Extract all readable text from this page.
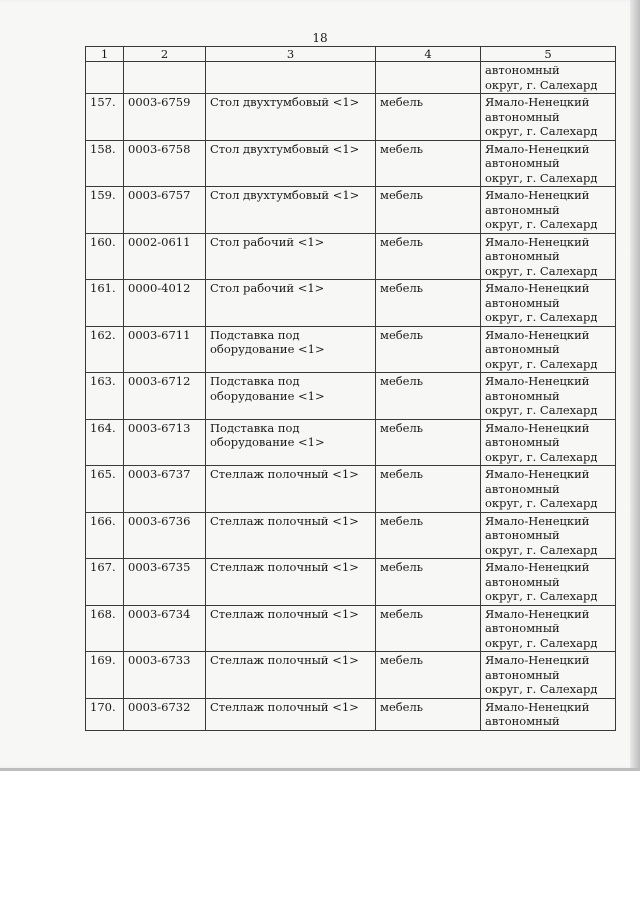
18
1	2	3	4	5
				автономный
округ, г. Салехард
157.	0003-6759	Стол двухтумбовый <1>	мебель	Ямало-Ненецкий
автономный
округ, г. Салехард
158.	0003-6758	Стол двухтумбовый <1>	мебель	Ямало-Ненецкий
автономный
округ, г. Салехард
159.	0003-6757	Стол двухтумбовый <1>	мебель	Ямало-Ненецкий
автономный
округ, г. Салехард
160.	0002-0611	Стол рабочий <1>	мебель	Ямало-Ненецкий
автономный
округ, г. Салехард
161.	0000-4012	Стол рабочий <1>	мебель	Ямало-Ненецкий
автономный
округ, г. Салехард
162.	0003-6711	Подставка под
оборудование <1>	мебель	Ямало-Ненецкий
автономный
округ, г. Салехард
163.	0003-6712	Подставка под
оборудование <1>	мебель	Ямало-Ненецкий
автономный
округ, г. Салехард
164.	0003-6713	Подставка под
оборудование <1>	мебель	Ямало-Ненецкий
автономный
округ, г. Салехард
165.	0003-6737	Стеллаж полочный <1>	мебель	Ямало-Ненецкий
автономный
округ, г. Салехард
166.	0003-6736	Стеллаж полочный <1>	мебель	Ямало-Ненецкий
автономный
округ, г. Салехард
167.	0003-6735	Стеллаж полочный <1>	мебель	Ямало-Ненецкий
автономный
округ, г. Салехард
168.	0003-6734	Стеллаж полочный <1>	мебель	Ямало-Ненецкий
автономный
округ, г. Салехард
169.	0003-6733	Стеллаж полочный <1>	мебель	Ямало-Ненецкий
автономный
округ, г. Салехард
170.	0003-6732	Стеллаж полочный <1>	мебель	Ямало-Ненецкий
автономный
